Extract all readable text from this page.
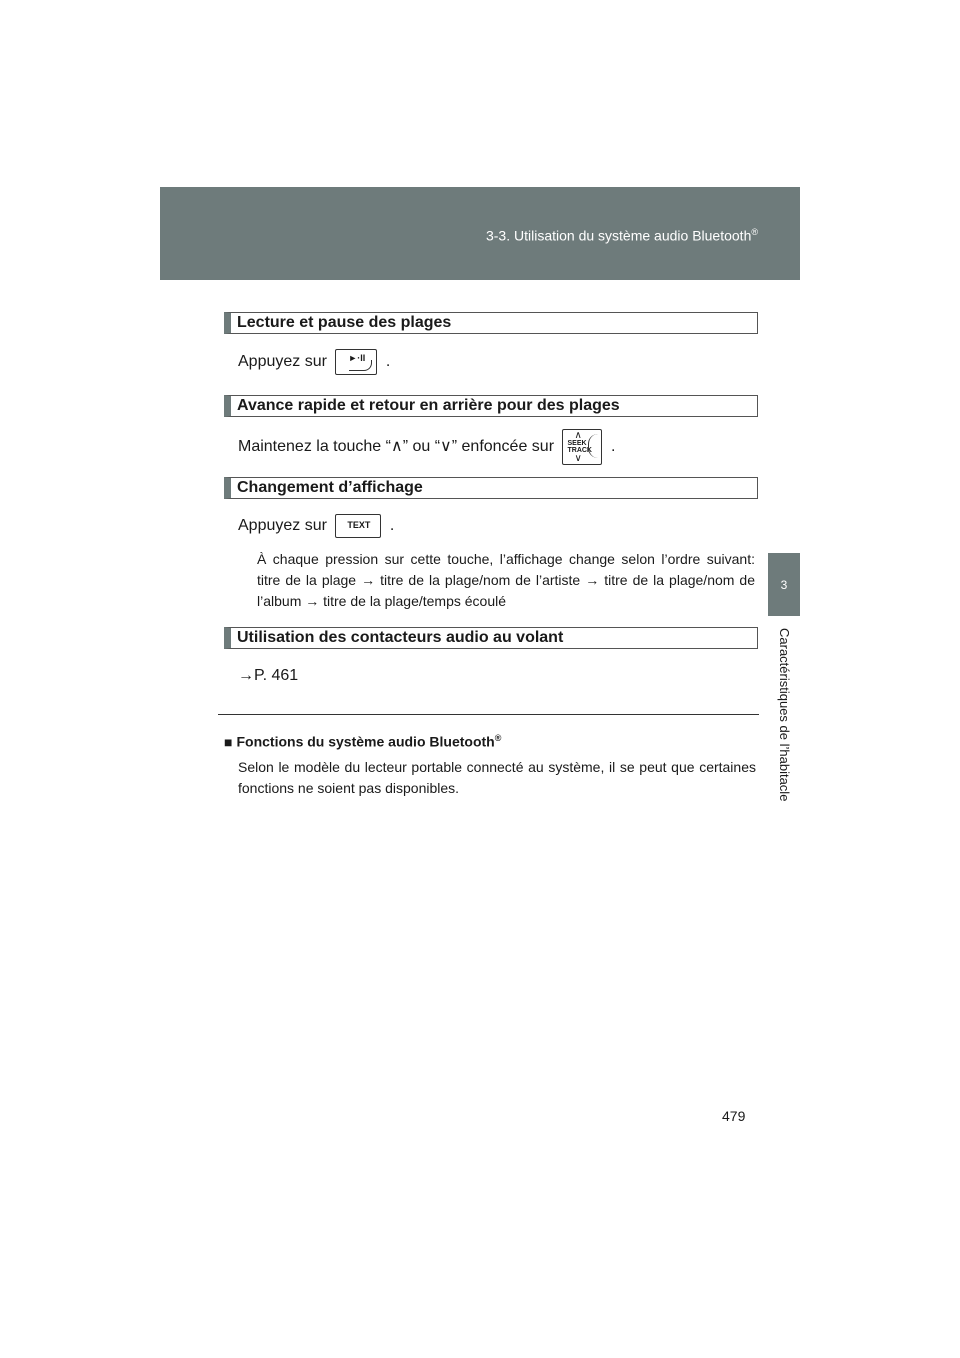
3-3. Utilisation du système audio Bluetooth®
3
Caractéristiques de l’habitacle
Lecture et pause des plages
Appuyez sur ►·II .
Avance rapide et retour en arrière pour des plages
Maintenez la touche “∧” ou “∨” enfoncée sur
∧
SEEK TRACK
∨
.
Changement d’affichage
Appuyez sur TEXT .
À chaque pression sur cette touche, l’affichage change selon l’ordre suivant: titre de la plage → titre de la plage/nom de l’artiste → titre de la plage/nom de l’album → titre de la plage/temps écoulé
Utilisation des contacteurs audio au volant
→P. 461
■ Fonctions du système audio Bluetooth®
Selon le modèle du lecteur portable connecté au système, il se peut que certaines fonctions ne soient pas disponibles.
479
